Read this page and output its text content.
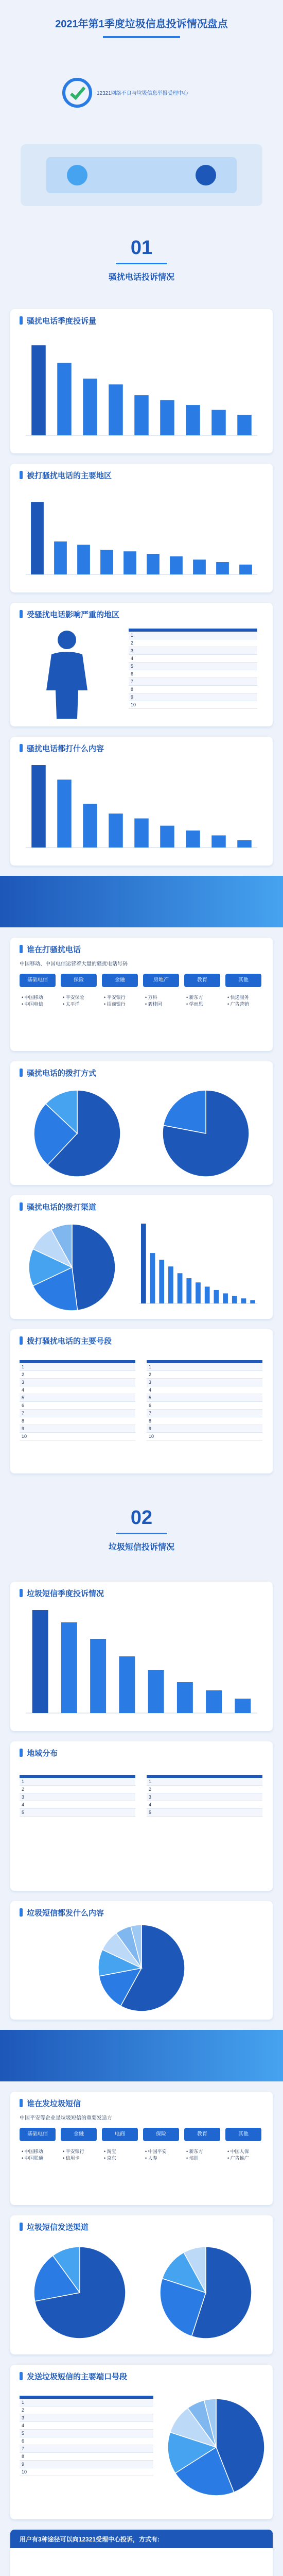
2021年第1季度垃圾信息投诉情况盘点
12321网络不良与垃圾信息举报受理中心
01
骚扰电话投诉情况
骚扰电话季度投诉量
被打骚扰电话的主要地区
受骚扰电话影响严重的地区

1		
2		
3		
4		
5		
6		
7		
8		
9		
10		
骚扰电话都打什么内容
谁在打骚扰电话
中国移动、中国电信运营着大量的骚扰电话号码
基础电信
• 中国移动
• 中国电信
保险
• 平安保险
• 太平洋
金融
• 平安银行
• 招商银行
房地产
• 万科
• 碧桂园
教育
• 新东方
• 学而思
其他
• 快递服务
• 广告营销
骚扰电话的拨打方式
骚扰电话的拨打渠道
拨打骚扰电话的主要号段

1		
2		
3		
4		
5		
6		
7		
8		
9		
10		

1	
2	
3	
4	
5	
6	
7	
8	
9	
10	
02
垃圾短信投诉情况
垃圾短信季度投诉情况
地域分布

1		
2		
3		
4		
5		

1		
2		
3		
4		
5		
垃圾短信都发什么内容
谁在发垃圾短信
中国平安等企业是垃圾短信的重要发送方
基础电信
• 中国移动
• 中国联通
金融
• 平安银行
• 信用卡
电商
• 淘宝
• 京东
保险
• 中国平安
• 人寿
教育
• 新东方
• 培训
其他
• 中国人保
• 广告推广
垃圾短信发送渠道
发送垃圾短信的主要端口号段

1		
2		
3		
4		
5		
6		
7		
8		
9		
10		
用户有3种途径可以向12321受理中心投诉，方式有:
